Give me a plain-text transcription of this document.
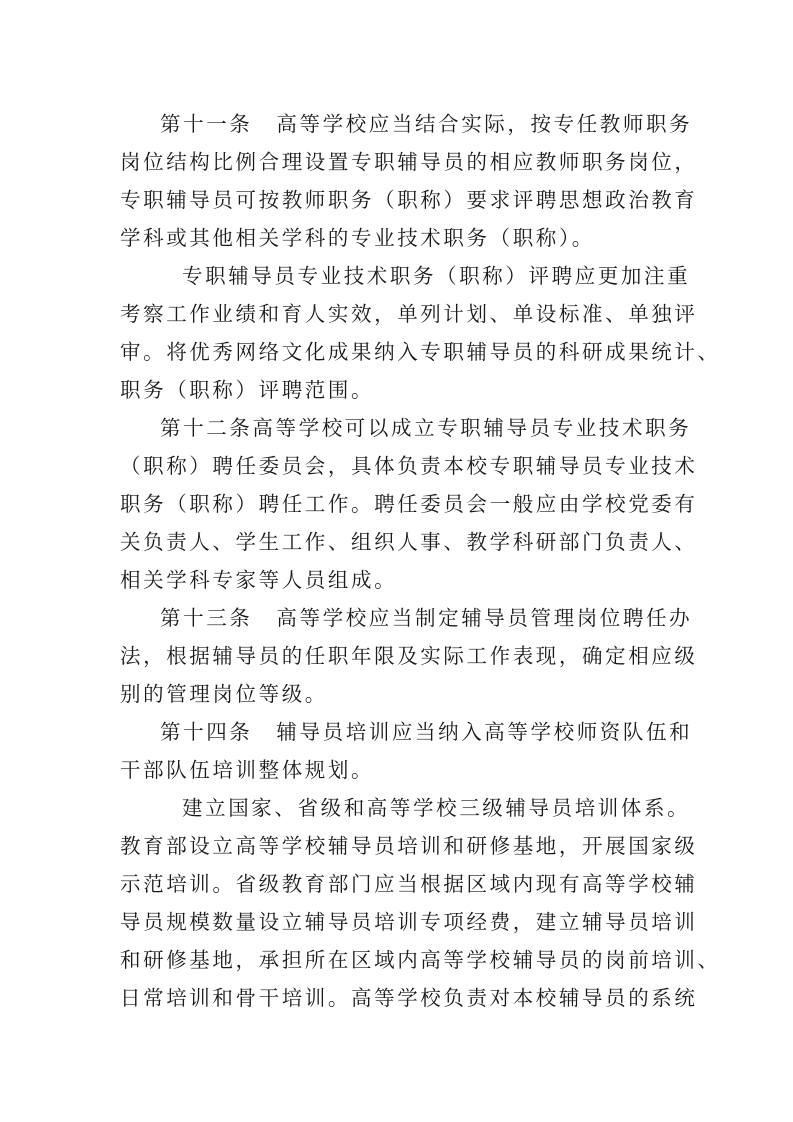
第十一条 高等学校应当结合实际，按专任教师职务
岗位结构比例合理设置专职辅导员的相应教师职务岗位，
专职辅导员可按教师职务（职称）要求评聘思想政治教育
学科或其他相关学科的专业技术职务（职称）。
专职辅导员专业技术职务（职称）评聘应更加注重
考察工作业绩和育人实效，单列计划、单设标准、单独评
审。将优秀网络文化成果纳入专职辅导员的科研成果统计、
职务（职称）评聘范围。
第十二条高等学校可以成立专职辅导员专业技术职务
（职称）聘任委员会，具体负责本校专职辅导员专业技术
职务（职称）聘任工作。聘任委员会一般应由学校党委有
关负责人、学生工作、组织人事、教学科研部门负责人、
相关学科专家等人员组成。
第十三条 高等学校应当制定辅导员管理岗位聘任办
法，根据辅导员的任职年限及实际工作表现，确定相应级
别的管理岗位等级。
第十四条 辅导员培训应当纳入高等学校师资队伍和
干部队伍培训整体规划。
建立国家、省级和高等学校三级辅导员培训体系。
教育部设立高等学校辅导员培训和研修基地，开展国家级
示范培训。省级教育部门应当根据区域内现有高等学校辅
导员规模数量设立辅导员培训专项经费，建立辅导员培训
和研修基地，承担所在区域内高等学校辅导员的岗前培训、
日常培训和骨干培训。高等学校负责对本校辅导员的系统
